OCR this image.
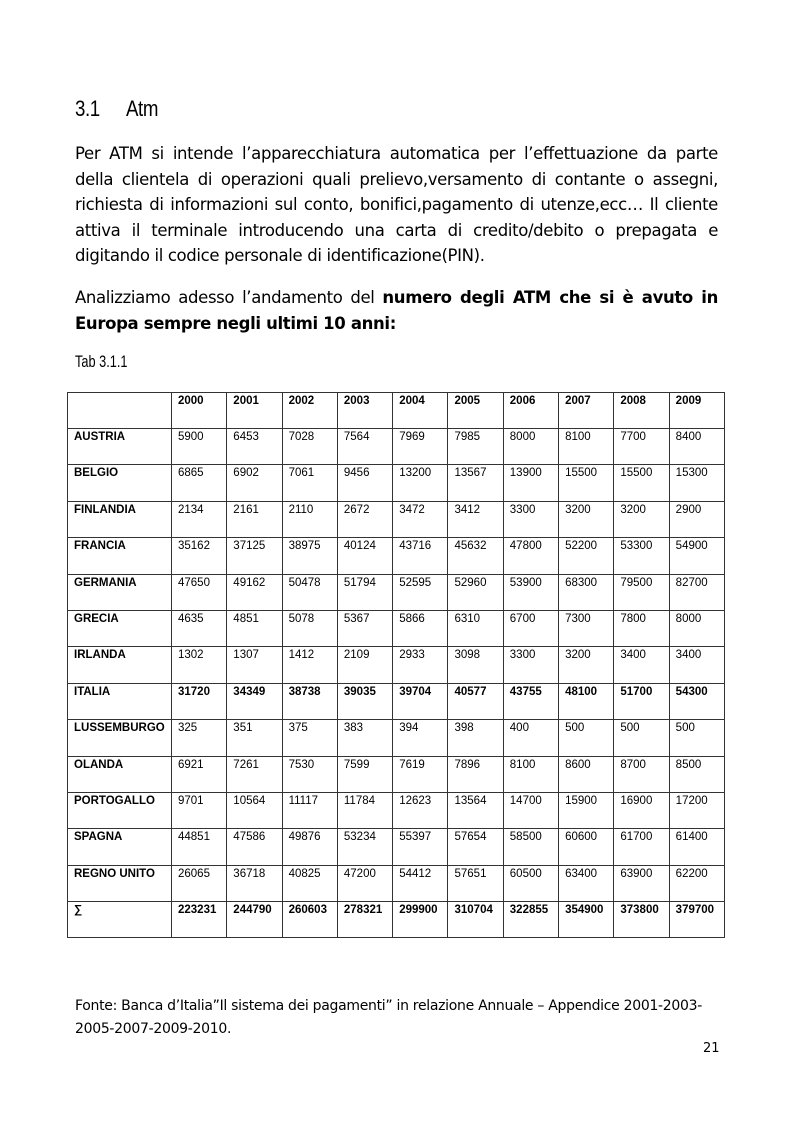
3.1 Atm
Per ATM si intende l’apparecchiatura automatica per l’effettuazione da parte della clientela di operazioni quali prelievo,versamento di contante o assegni, richiesta di informazioni sul conto, bonifici,pagamento di utenze,ecc… Il cliente attiva il terminale introducendo una carta di credito/debito o prepagata e digitando il codice personale di identificazione(PIN).
Analizziamo adesso l’andamento del numero degli ATM che si è avuto in Europa sempre negli ultimi 10 anni:
Tab 3.1.1
	2000	2001	2002	2003	2004	2005	2006	2007	2008	2009
AUSTRIA	5900	6453	7028	7564	7969	7985	8000	8100	7700	8400
BELGIO	6865	6902	7061	9456	13200	13567	13900	15500	15500	15300
FINLANDIA	2134	2161	2110	2672	3472	3412	3300	3200	3200	2900
FRANCIA	35162	37125	38975	40124	43716	45632	47800	52200	53300	54900
GERMANIA	47650	49162	50478	51794	52595	52960	53900	68300	79500	82700
GRECIA	4635	4851	5078	5367	5866	6310	6700	7300	7800	8000
IRLANDA	1302	1307	1412	2109	2933	3098	3300	3200	3400	3400
ITALIA	31720	34349	38738	39035	39704	40577	43755	48100	51700	54300
LUSSEMBURGO	325	351	375	383	394	398	400	500	500	500
OLANDA	6921	7261	7530	7599	7619	7896	8100	8600	8700	8500
PORTOGALLO	9701	10564	11117	11784	12623	13564	14700	15900	16900	17200
SPAGNA	44851	47586	49876	53234	55397	57654	58500	60600	61700	61400
REGNO UNITO	26065	36718	40825	47200	54412	57651	60500	63400	63900	62200
∑	223231	244790	260603	278321	299900	310704	322855	354900	373800	379700
Fonte: Banca d’Italia”Il sistema dei pagamenti” in relazione Annuale – Appendice 2001-2003-2005-2007-2009-2010.
21
